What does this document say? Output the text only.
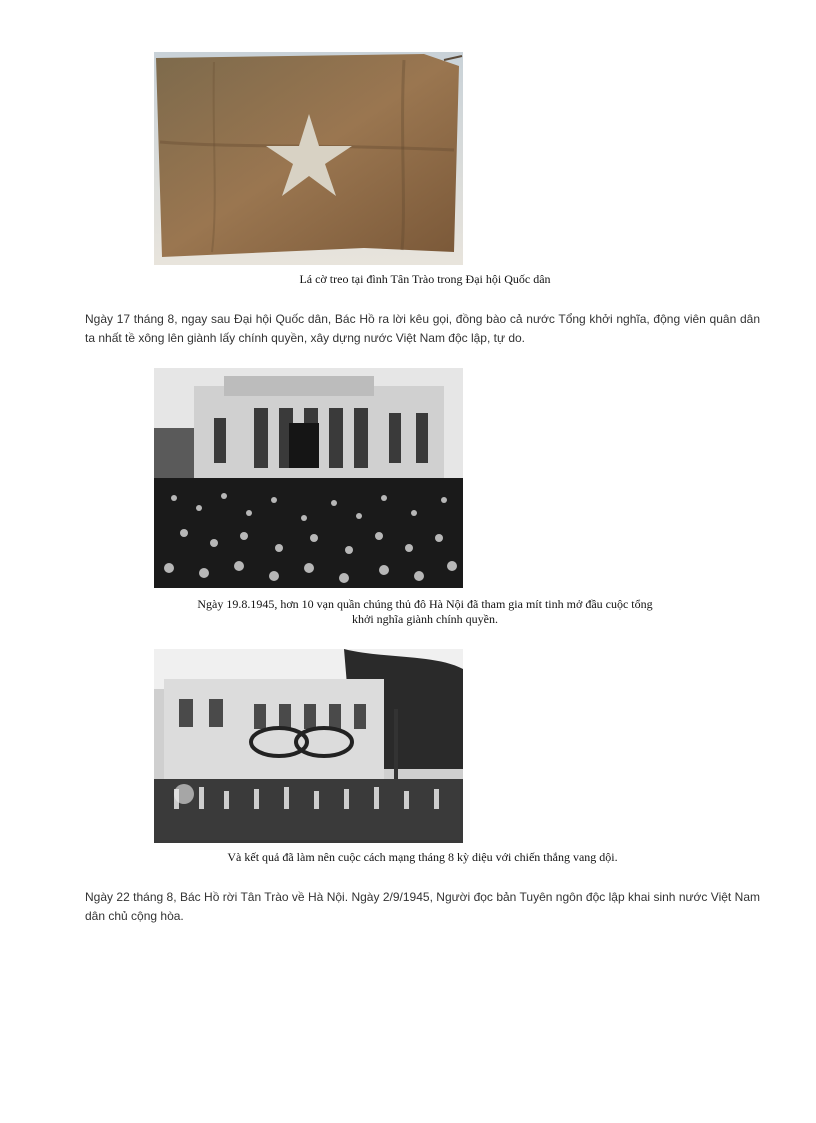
Lá cờ treo tại đình Tân Trào trong Đại hội Quốc dân

Ngày 17 tháng 8, ngay sau Đại hội Quốc dân, Bác Hồ ra lời kêu gọi, đồng bào cả nước Tổng khởi nghĩa, động viên quân dân ta nhất tề xông lên giành lấy chính quyền, xây dựng nước Việt Nam độc lập, tự do.

Ngày 19.8.1945, hơn 10 vạn quần chúng thủ đô Hà Nội đã tham gia mít tinh mở đầu cuộc tổng
khởi nghĩa giành chính quyền.
Và kết quả đã làm nên cuộc cách mạng tháng 8 kỳ diệu với chiến thắng vang dội.

Ngày 22 tháng 8, Bác Hồ rời Tân Trào về Hà Nội. Ngày 2/9/1945, Người đọc bản Tuyên ngôn độc lập khai sinh nước Việt Nam dân chủ cộng hòa.
